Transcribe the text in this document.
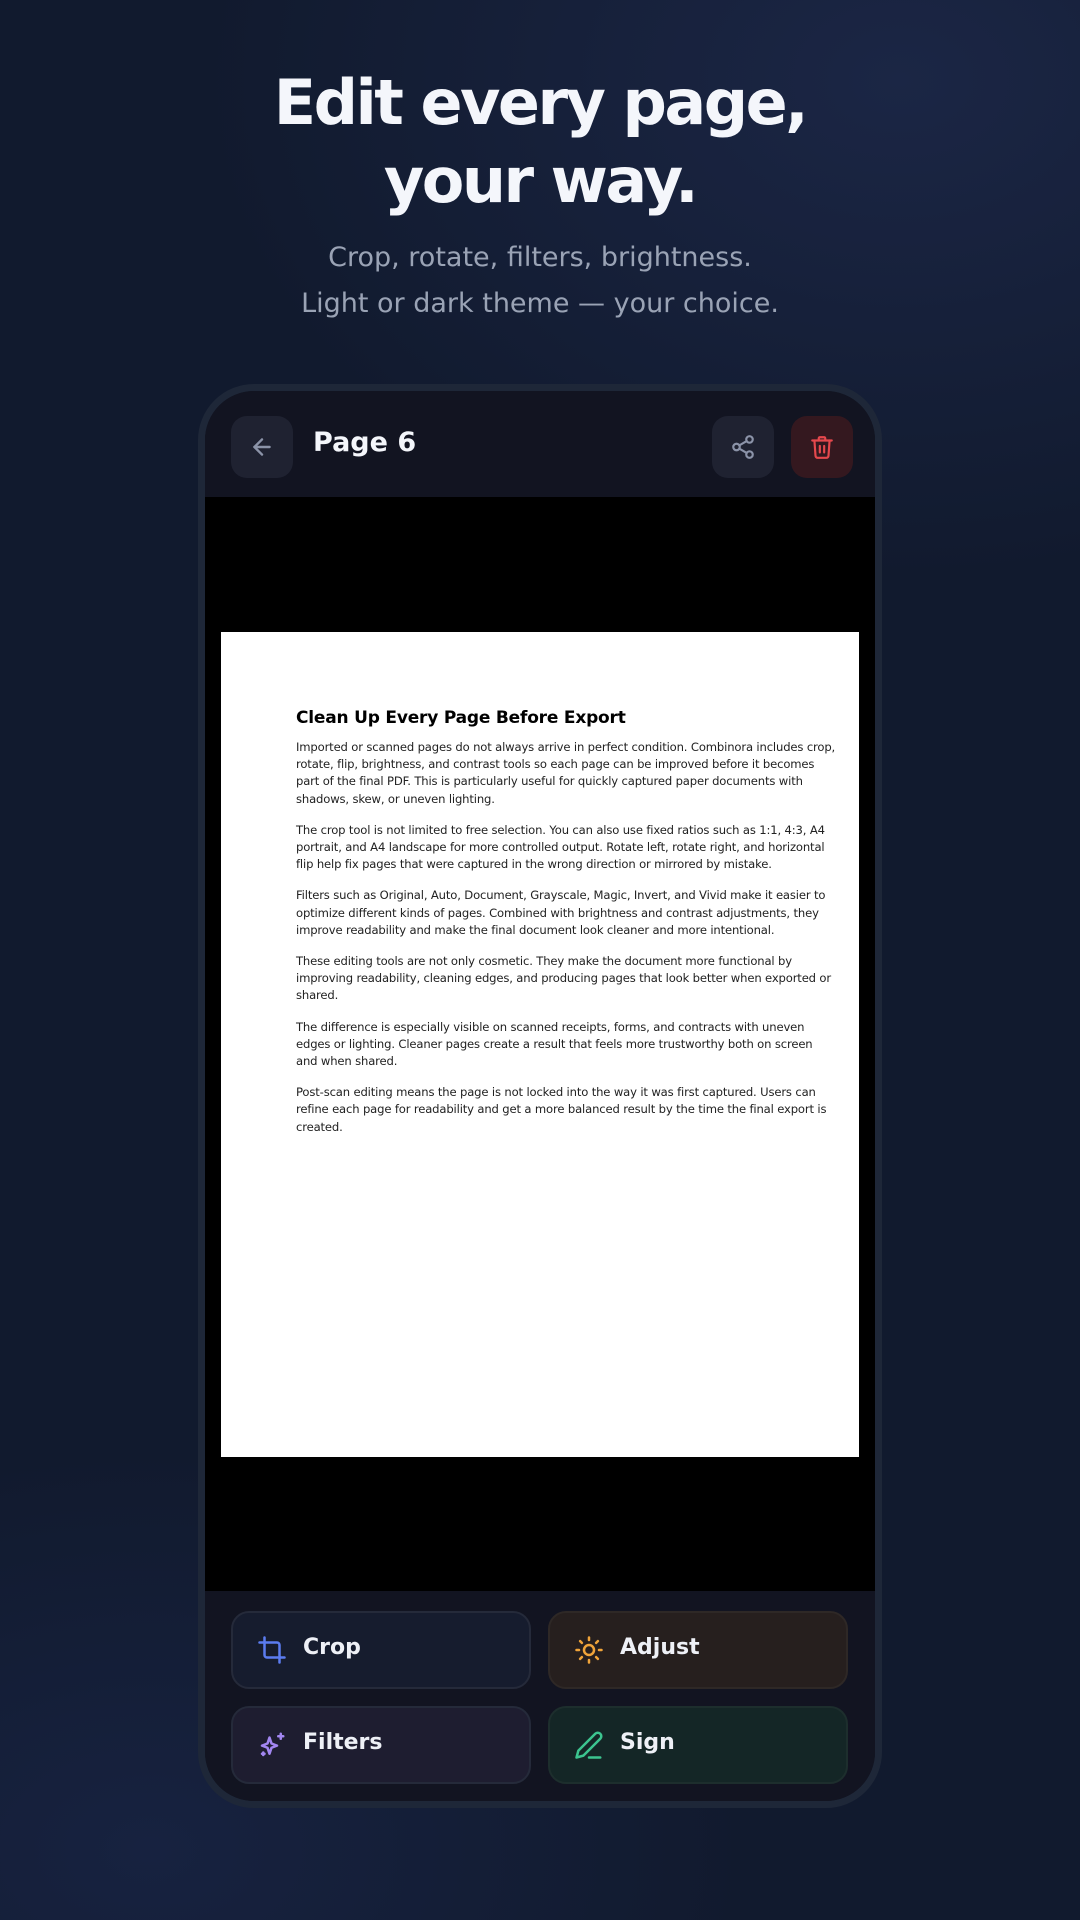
Edit every page,
your way.
Crop, rotate, filters, brightness.
Light or dark theme — your choice.
Page 6
Clean Up Every Page Before Export

Imported or scanned pages do not always arrive in perfect condition. Combinora includes crop, rotate, flip, brightness, and contrast tools so each page can be improved before it becomes part of the final PDF. This is particularly useful for quickly captured paper documents with shadows, skew, or uneven lighting.

The crop tool is not limited to free selection. You can also use fixed ratios such as 1:1, 4:3, A4 portrait, and A4 landscape for more controlled output. Rotate left, rotate right, and horizontal flip help fix pages that were captured in the wrong direction or mirrored by mistake.

Filters such as Original, Auto, Document, Grayscale, Magic, Invert, and Vivid make it easier to optimize different kinds of pages. Combined with brightness and contrast adjustments, they improve readability and make the final document look cleaner and more intentional.

These editing tools are not only cosmetic. They make the document more functional by improving readability, cleaning edges, and producing pages that look better when exported or shared.

The difference is especially visible on scanned receipts, forms, and contracts with uneven edges or lighting. Cleaner pages create a result that feels more trustworthy both on screen and when shared.

Post-scan editing means the page is not locked into the way it was first captured. Users can refine each page for readability and get a more balanced result by the time the final export is created.

Crop	Adjust
Filters	Sign
